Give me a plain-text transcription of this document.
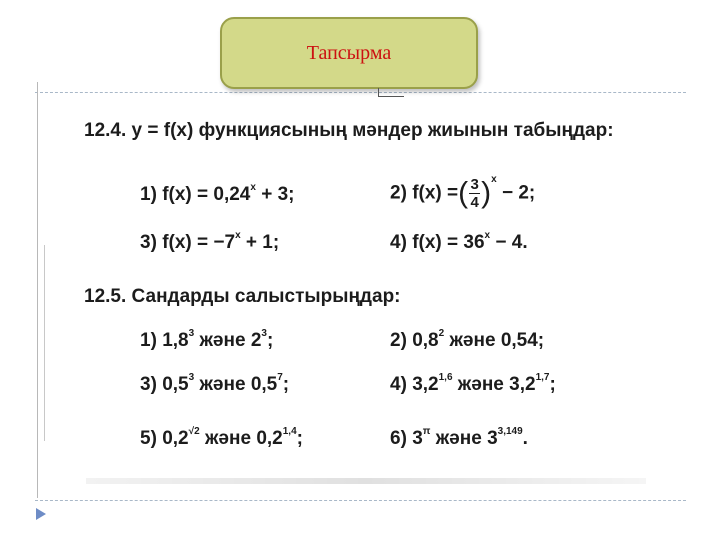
Тапсырма
12.4. y = f(x) функциясының мәндер жиынын табыңдар:
1) $f(x) = 0,24^x + 3$;	2) f(x) =( $\frac{3}{4} )^x - 2$;
3) $f(x) = -7^x + 1$;	4) $f(x) = 36^x - 4$.
12.5. Сандарды салыстырыңдар:
1) $1,8^3$ және $2^3$;	2) $0,8^2$ және 0,54;
3) $0,5^3$ және $0,5^7$;	4) 3,2$^{1,6}$ және 3,2$^{1,7}$;
5) $0,2^{√2}$ және 0,2$^{1,4}$;	6) $3^\pi$ және 3$^{3,149}$.
